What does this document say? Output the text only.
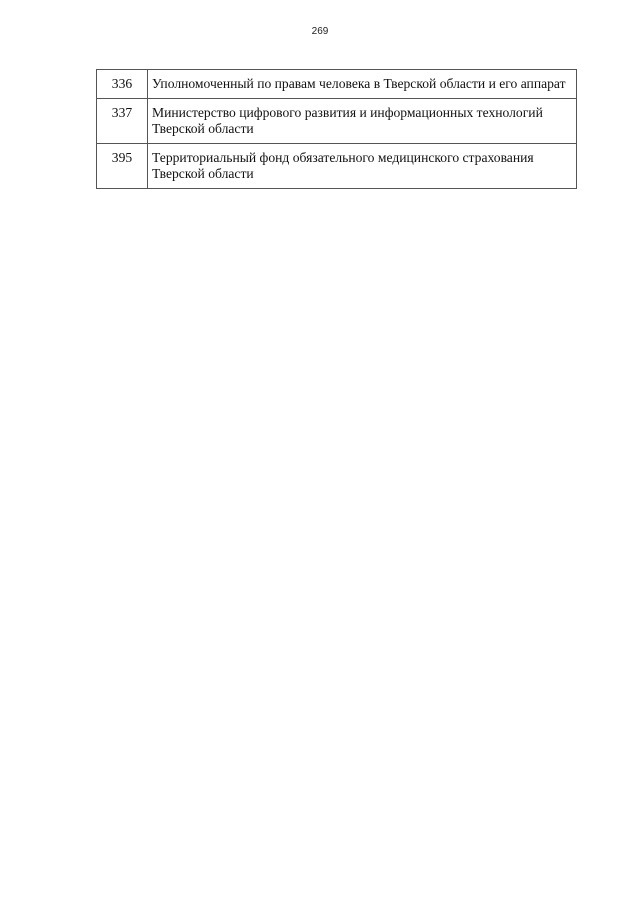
269
336	Уполномоченный по правам человека в Тверской области и его аппарат
337	Министерство цифрового развития и информационных технологий Тверской области
395	Территориальный фонд обязательного медицинского страхования Тверской области
